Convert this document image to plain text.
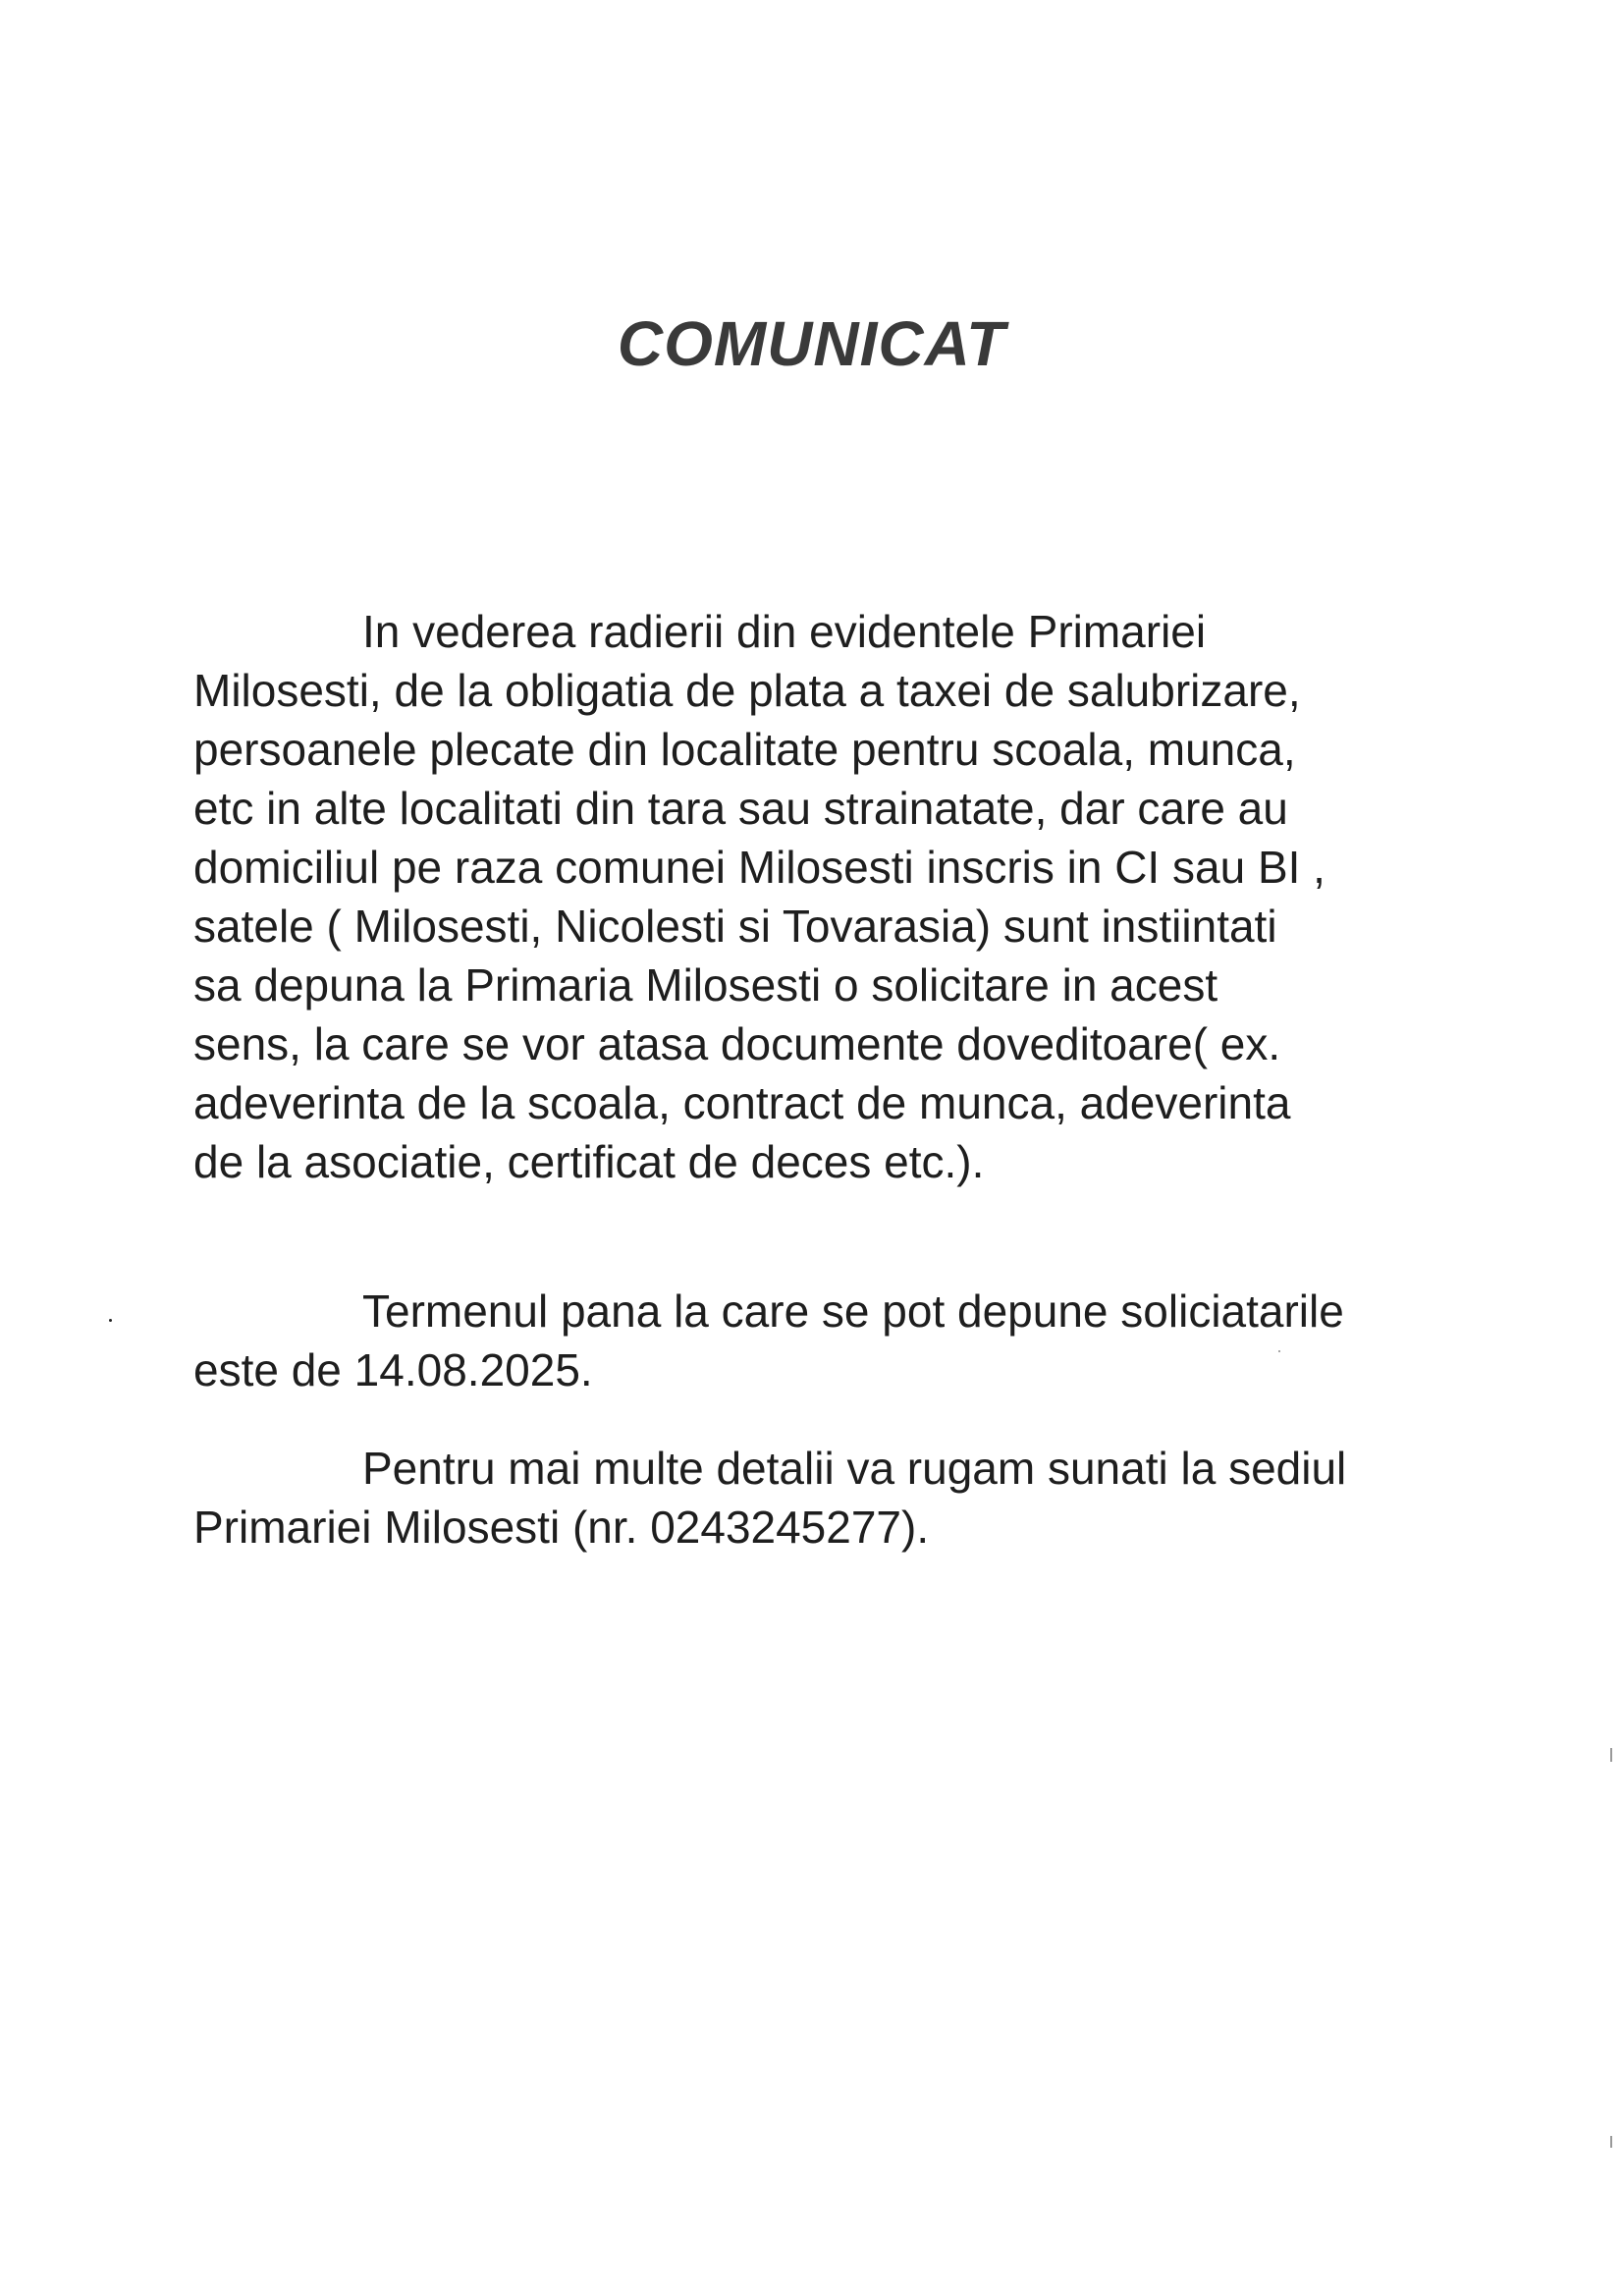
COMUNICAT

In vederea radierii din evidentele Primariei
Milosesti, de la obligatia de plata a taxei de salubrizare,
persoanele plecate din localitate pentru scoala, munca,
etc in alte localitati din tara sau strainatate, dar care au
domiciliul pe raza comunei Milosesti inscris in CI sau BI ,
satele ( Milosesti, Nicolesti si Tovarasia) sunt instiintati
sa depuna la Primaria Milosesti o solicitare in acest
sens, la care se vor atasa documente doveditoare( ex.
adeverinta de la scoala, contract de munca, adeverinta
de la asociatie, certificat de deces etc.).

Termenul pana la care se pot depune soliciatarile
este de 14.08.2025.

Pentru mai multe detalii va rugam sunati la sediul
Primariei Milosesti (nr. 0243245277).
